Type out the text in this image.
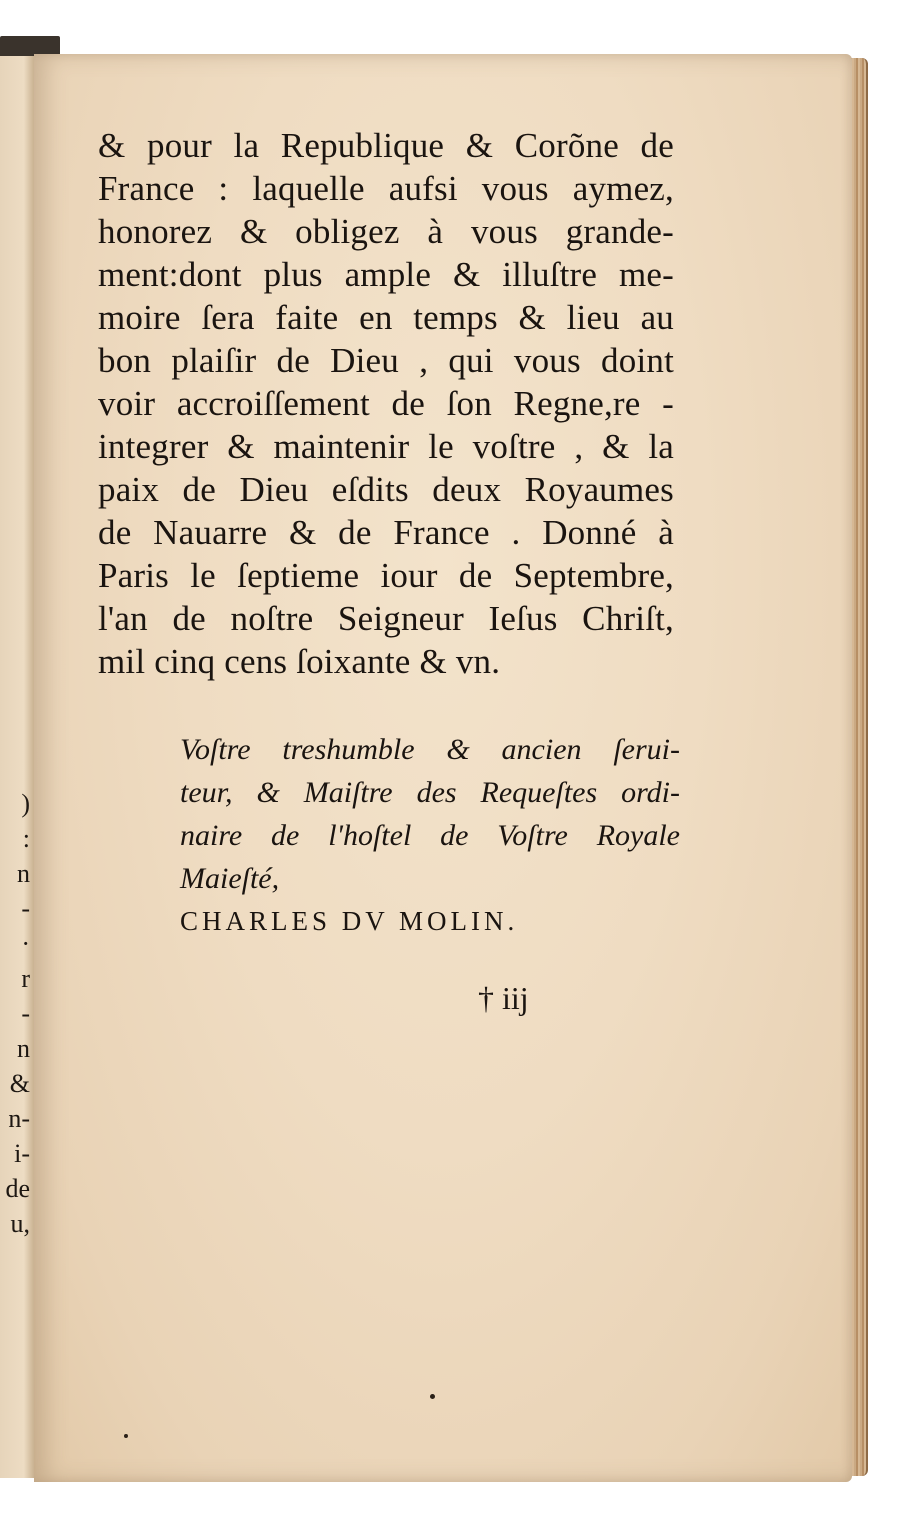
)
:
n
-
·
r
-
n
&
n-
i-
de
u,
& pour la Republique & Corõne de
France : laquelle aufsi vous aymez,
honorez & obligez à vous grande-
ment:dont plus ample & illuſtre me-
moire ſera faite en temps & lieu au
bon plaiſir de Dieu , qui vous doint
voir accroiſſement de ſon Regne,re -
integrer & maintenir le voſtre , & la
paix de Dieu eſdits deux Royaumes
de Nauarre & de France . Donné à
Paris le ſeptieme iour de Septembre,
l'an de noſtre Seigneur Ieſus Chriſt,
mil cinq cens ſoixante & vn.
Voſtre treshumble & ancien ſerui-
teur, & Maiſtre des Requeſtes ordi-
naire de l'hoſtel de Voſtre Royale
Maieſté,
CHARLES DV MOLIN.
† iij
